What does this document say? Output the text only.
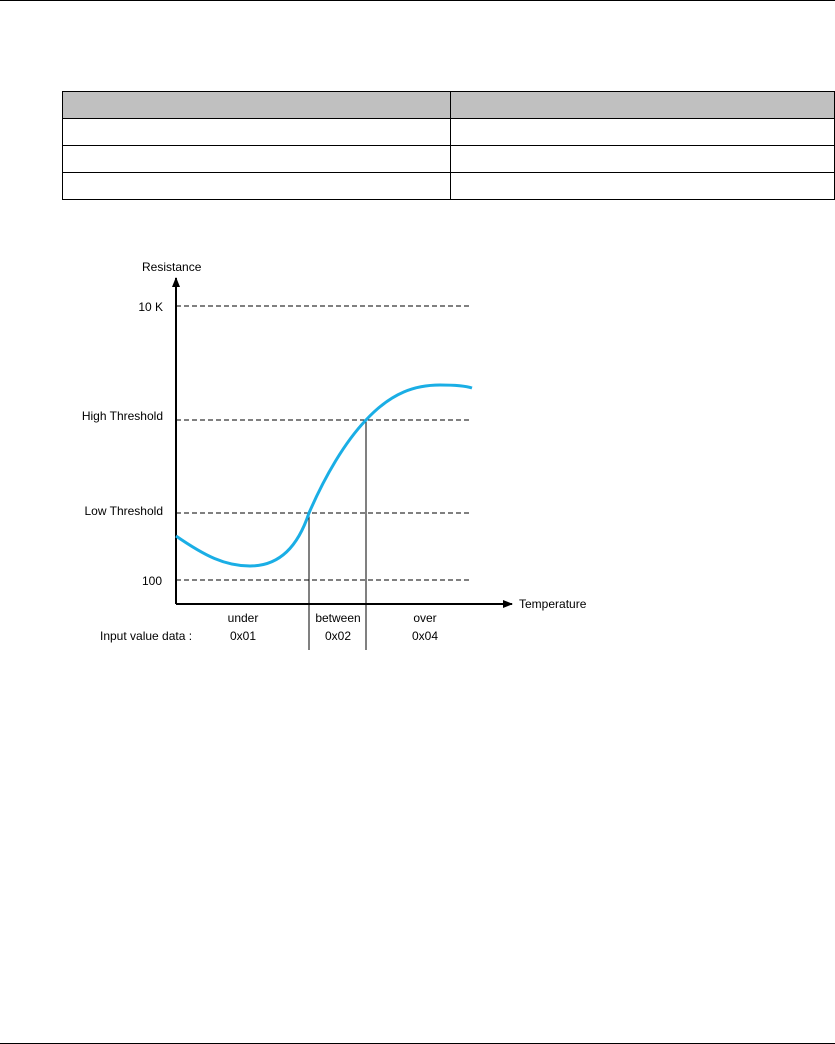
Resistance
Temperature
10 K
High Threshold
Low Threshold
100
under
0x01
between
0x02
over
0x04
Input value data :
